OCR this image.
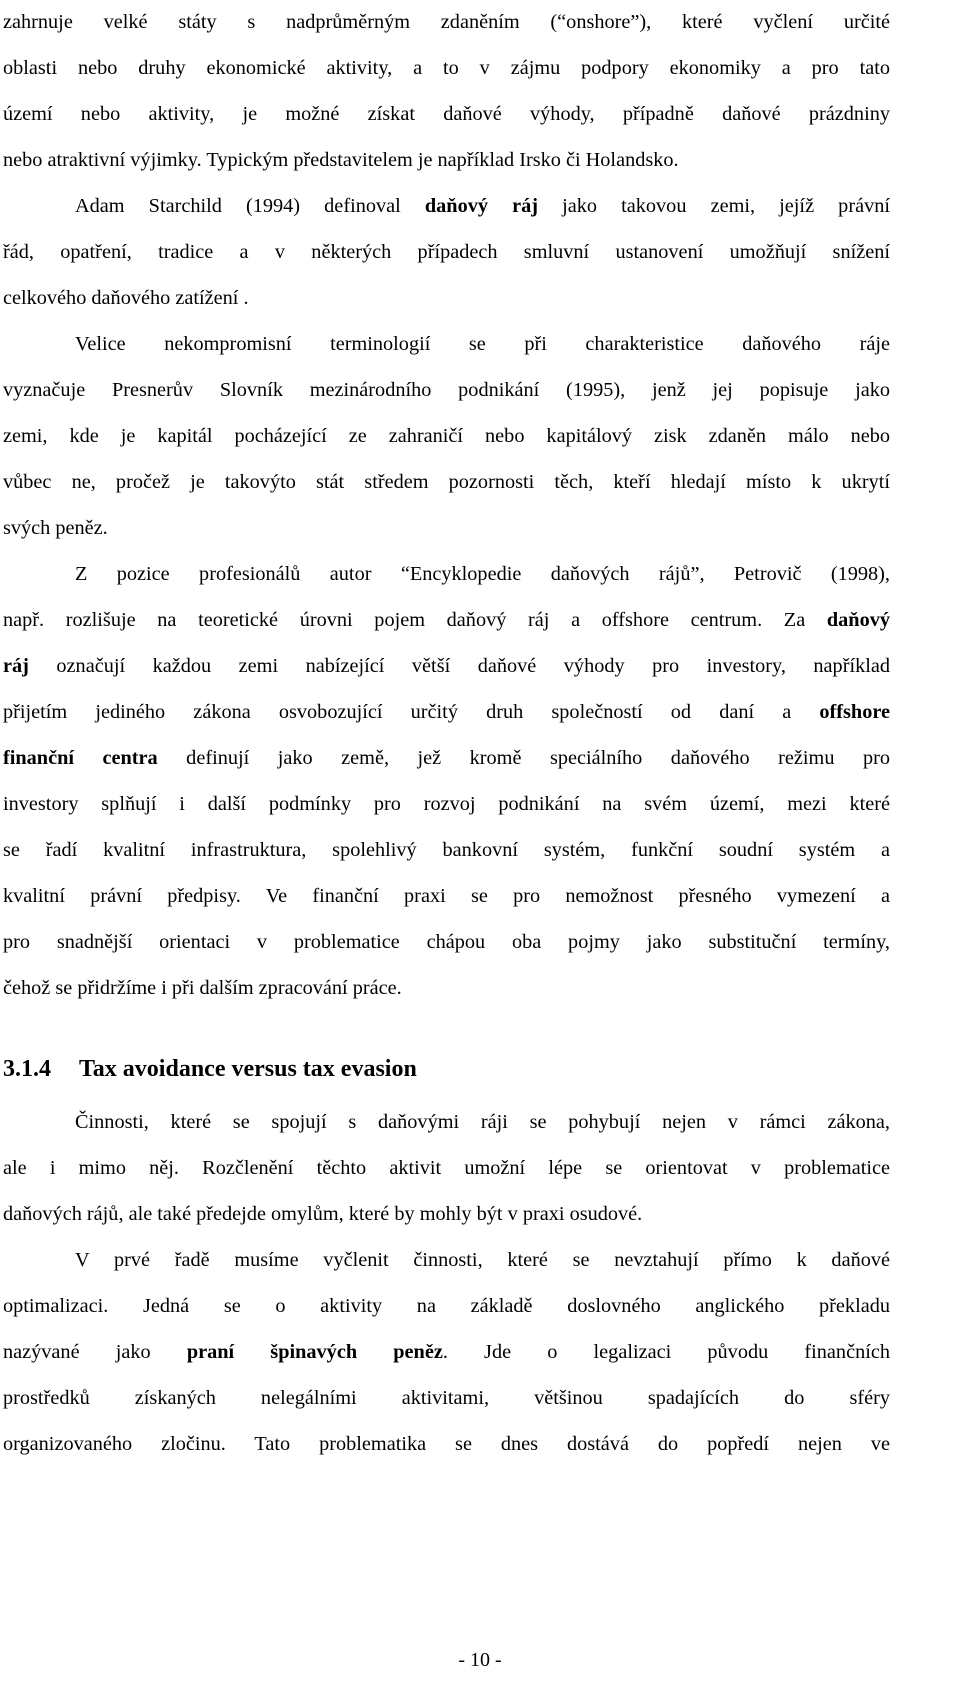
zahrnuje velké státy s nadprůměrným zdaněním (“onshore”), které vyčlení určité
oblasti nebo druhy ekonomické aktivity, a to v zájmu podpory ekonomiky a pro tato
území nebo aktivity, je možné získat daňové výhody, případně daňové prázdniny
nebo atraktivní výjimky. Typickým představitelem je například Irsko či Holandsko.
Adam Starchild (1994) definoval daňový ráj jako takovou zemi, jejíž právní
řád, opatření, tradice a v některých případech smluvní ustanovení umožňují snížení
celkového daňového zatížení .
Velice nekompromisní terminologií se při charakteristice daňového ráje
vyznačuje Presnerův Slovník mezinárodního podnikání (1995), jenž jej popisuje jako
zemi, kde je kapitál pocházející ze zahraničí nebo kapitálový zisk zdaněn málo nebo
vůbec ne, pročež je takovýto stát středem pozornosti těch, kteří hledají místo k ukrytí
svých peněz.
Z pozice profesionálů autor “Encyklopedie daňových rájů”, Petrovič (1998),
např. rozlišuje na teoretické úrovni pojem daňový ráj a offshore centrum. Za daňový
ráj označují každou zemi nabízející větší daňové výhody pro investory, například
přijetím jediného zákona osvobozující určitý druh společností od daní a offshore
finanční centra definují jako země, jež kromě speciálního daňového režimu pro
investory splňují i další podmínky pro rozvoj podnikání na svém území, mezi které
se řadí kvalitní infrastruktura, spolehlivý bankovní systém, funkční soudní systém a
kvalitní právní předpisy. Ve finanční praxi se pro nemožnost přesného vymezení a
pro snadnější orientaci v problematice chápou oba pojmy jako substituční termíny,
čehož se přidržíme i při dalším zpracování práce.
Činnosti, které se spojují s daňovými ráji se pohybují nejen v rámci zákona,
ale i mimo něj. Rozčlenění těchto aktivit umožní lépe se orientovat v problematice
daňových rájů, ale také předejde omylům, které by mohly být v praxi osudové.
V prvé řadě musíme vyčlenit činnosti, které se nevztahují přímo k daňové
optimalizaci. Jedná se o aktivity na základě doslovného anglického překladu
nazývané jako praní špinavých peněz. Jde o legalizaci původu finančních
prostředků získaných nelegálními aktivitami, většinou spadajících do sféry
organizovaného zločinu. Tato problematika se dnes dostává do popředí nejen ve
3.1.4 Tax avoidance versus tax evasion
- 10 -
